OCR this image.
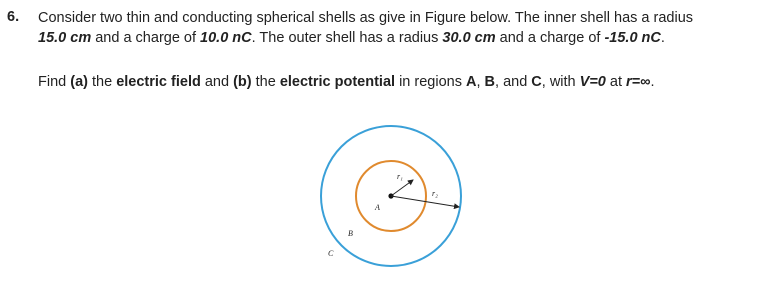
6. Consider two thin and conducting spherical shells as give in Figure below. The inner shell has a radius
15.0 cm and a charge of 10.0 nC. The outer shell has a radius 30.0 cm and a charge of -15.0 nC.
Find (a) the electric field and (b) the electric potential in regions A, B, and C, with V=0 at r=∞.
r₁
r₂
A
B
C
